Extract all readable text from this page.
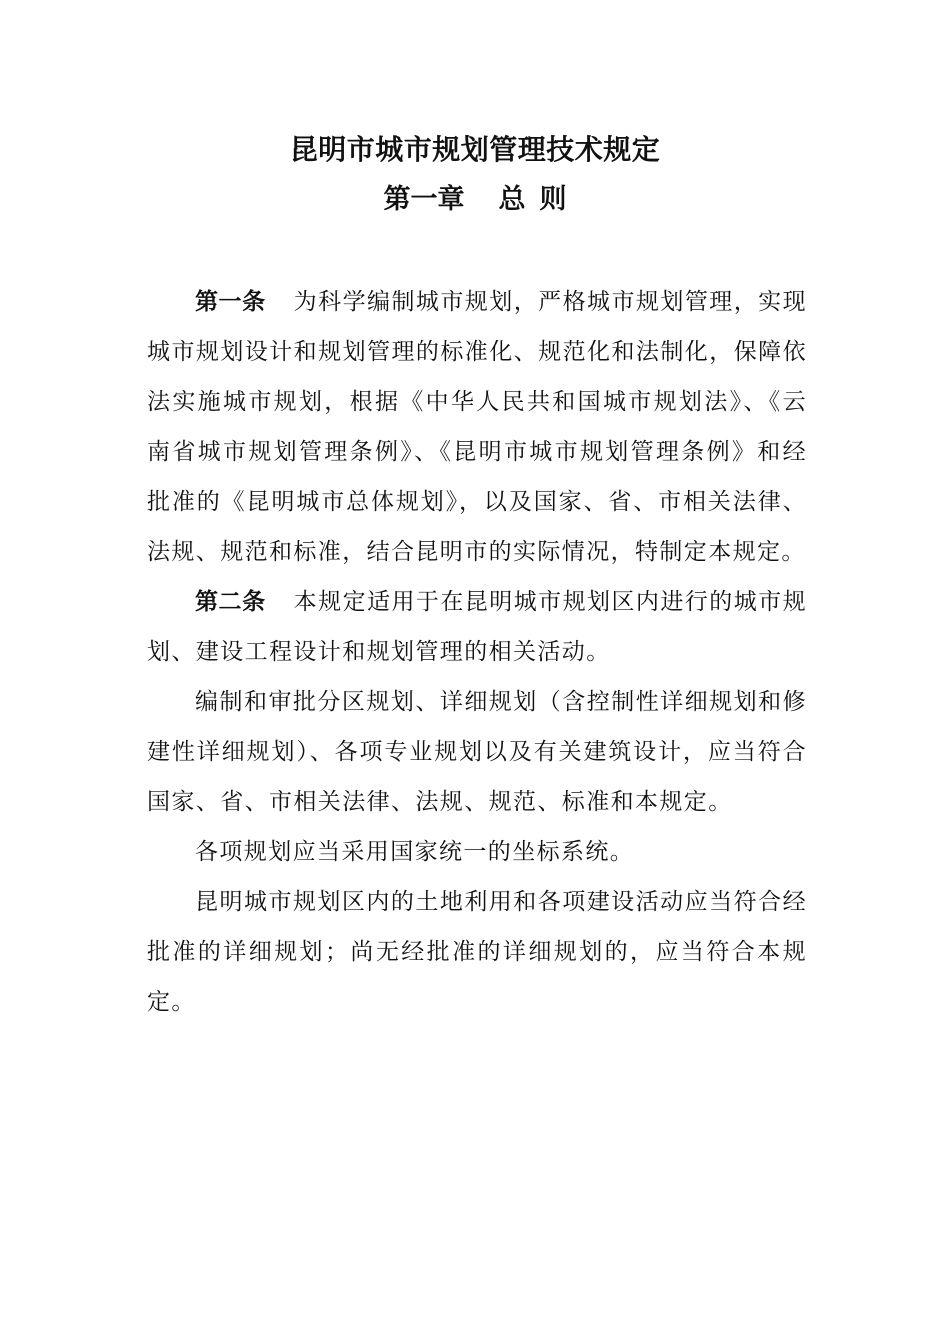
昆明市城市规划管理技术规定
第一章 总 则

第一条 为科学编制城市规划，严格城市规划管理，实现城市规划设计和规划管理的标准化、规范化和法制化，保障依法实施城市规划，根据《中华人民共和国城市规划法》、《云南省城市规划管理条例》、《昆明市城市规划管理条例》和经批准的《昆明城市总体规划》，以及国家、省、市相关法律、法规、规范和标准，结合昆明市的实际情况，特制定本规定。

第二条 本规定适用于在昆明城市规划区内进行的城市规划、建设工程设计和规划管理的相关活动。

编制和审批分区规划、详细规划（含控制性详细规划和修建性详细规划）、各项专业规划以及有关建筑设计，应当符合国家、省、市相关法律、法规、规范、标准和本规定。

各项规划应当采用国家统一的坐标系统。

昆明城市规划区内的土地利用和各项建设活动应当符合经批准的详细规划；尚无经批准的详细规划的，应当符合本规定。
